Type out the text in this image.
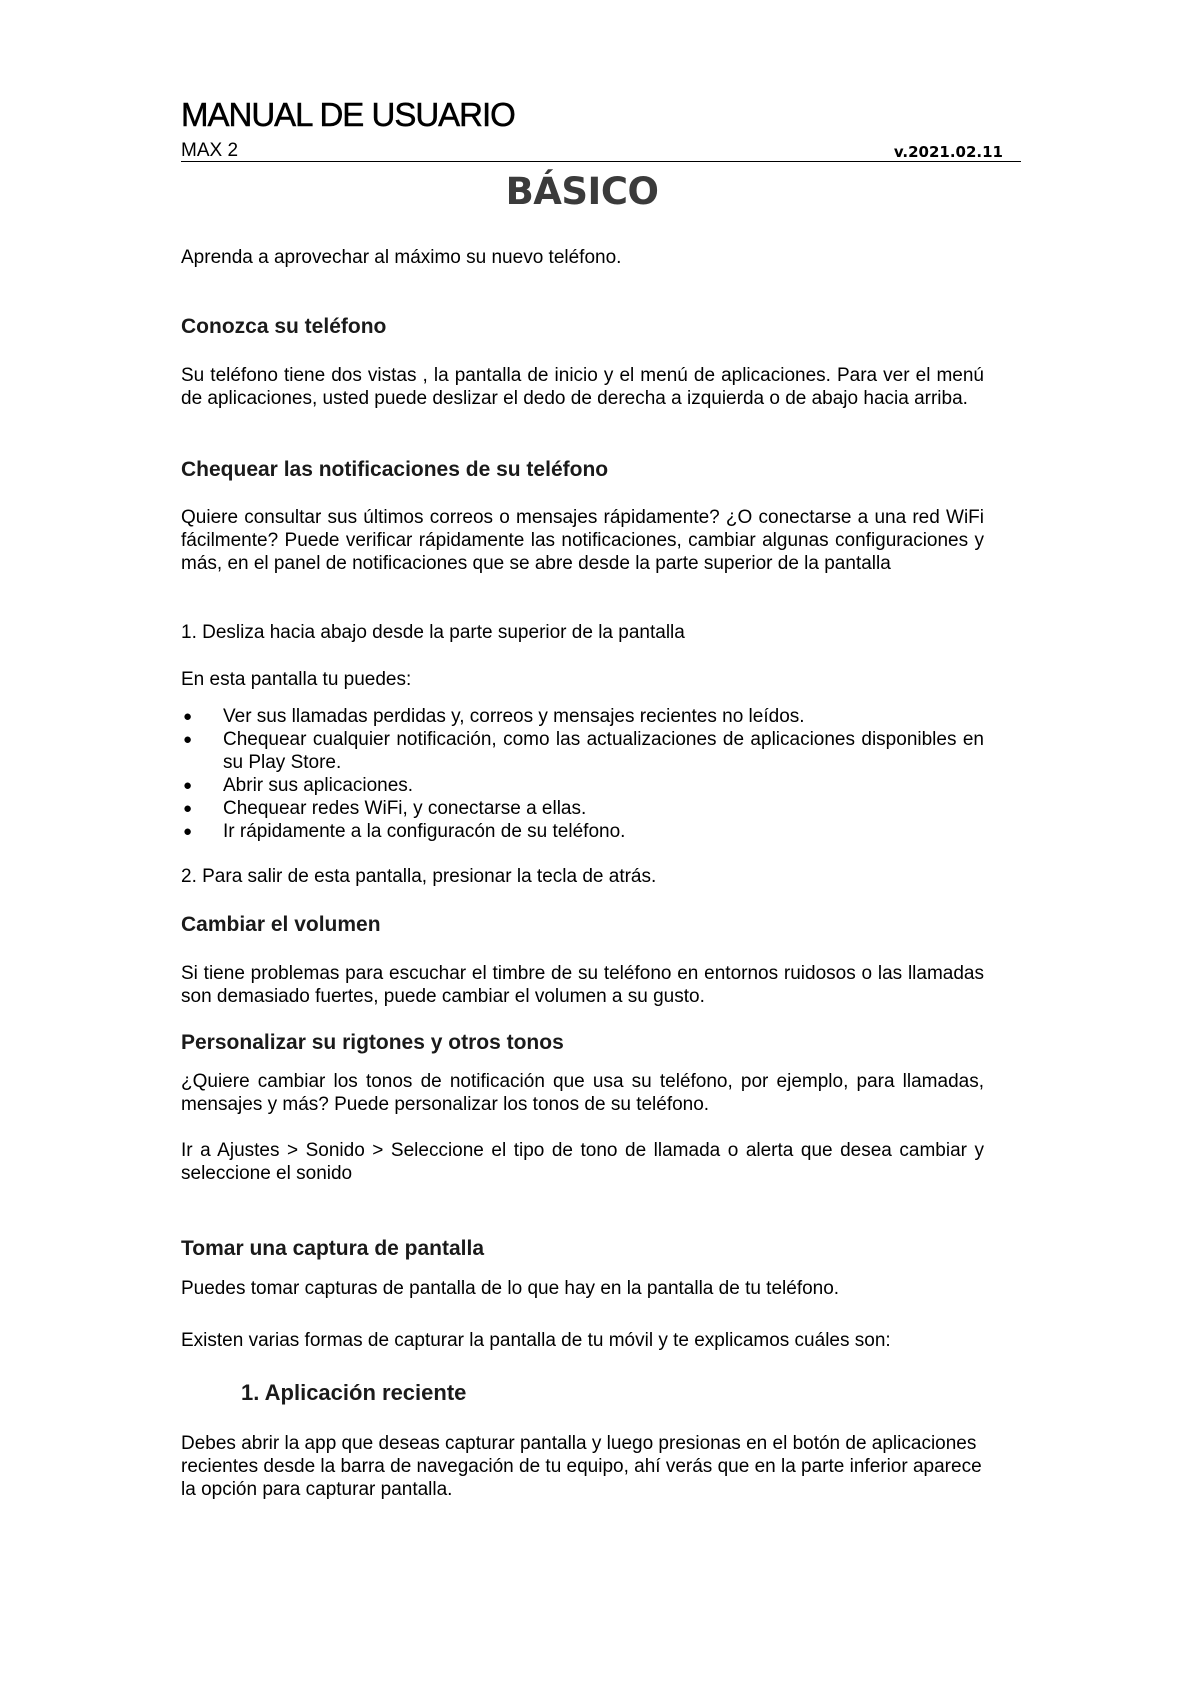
MANUAL DE USUARIO
MAX 2	v.2021.02.11
BÁSICO
Aprenda a aprovechar al máximo su nuevo teléfono.
Conozca su teléfono
Su teléfono tiene dos vistas , la pantalla de inicio y el menú de aplicaciones. Para ver el menú de aplicaciones, usted puede deslizar el dedo de derecha a izquierda o de abajo hacia arriba.
Chequear las notificaciones de su teléfono
Quiere consultar sus últimos correos o mensajes rápidamente? ¿O conectarse a una red WiFi fácilmente? Puede verificar rápidamente las notificaciones, cambiar algunas configuraciones y más, en el panel de notificaciones que se abre desde la parte superior de la pantalla
1. Desliza hacia abajo desde la parte superior de la pantalla
En esta pantalla tu puedes:
● Ver sus llamadas perdidas y, correos y mensajes recientes no leídos.
● Chequear cualquier notificación, como las actualizaciones de aplicaciones disponibles en su Play Store.
● Abrir sus aplicaciones.
● Chequear redes WiFi, y conectarse a ellas.
● Ir rápidamente a la configuracón de su teléfono.
2. Para salir de esta pantalla, presionar la tecla de atrás.
Cambiar el volumen
Si tiene problemas para escuchar el timbre de su teléfono en entornos ruidosos o las llamadas son demasiado fuertes, puede cambiar el volumen a su gusto.
Personalizar su rigtones y otros tonos
¿Quiere cambiar los tonos de notificación que usa su teléfono, por ejemplo, para llamadas, mensajes y más? Puede personalizar los tonos de su teléfono.
Ir a Ajustes > Sonido > Seleccione el tipo de tono de llamada o alerta que desea cambiar y seleccione el sonido
Tomar una captura de pantalla
Puedes tomar capturas de pantalla de lo que hay en la pantalla de tu teléfono.
Existen varias formas de capturar la pantalla de tu móvil y te explicamos cuáles son:
1. Aplicación reciente
Debes abrir la app que deseas capturar pantalla y luego presionas en el botón de aplicaciones recientes desde la barra de navegación de tu equipo, ahí verás que en la parte inferior aparece la opción para capturar pantalla.
